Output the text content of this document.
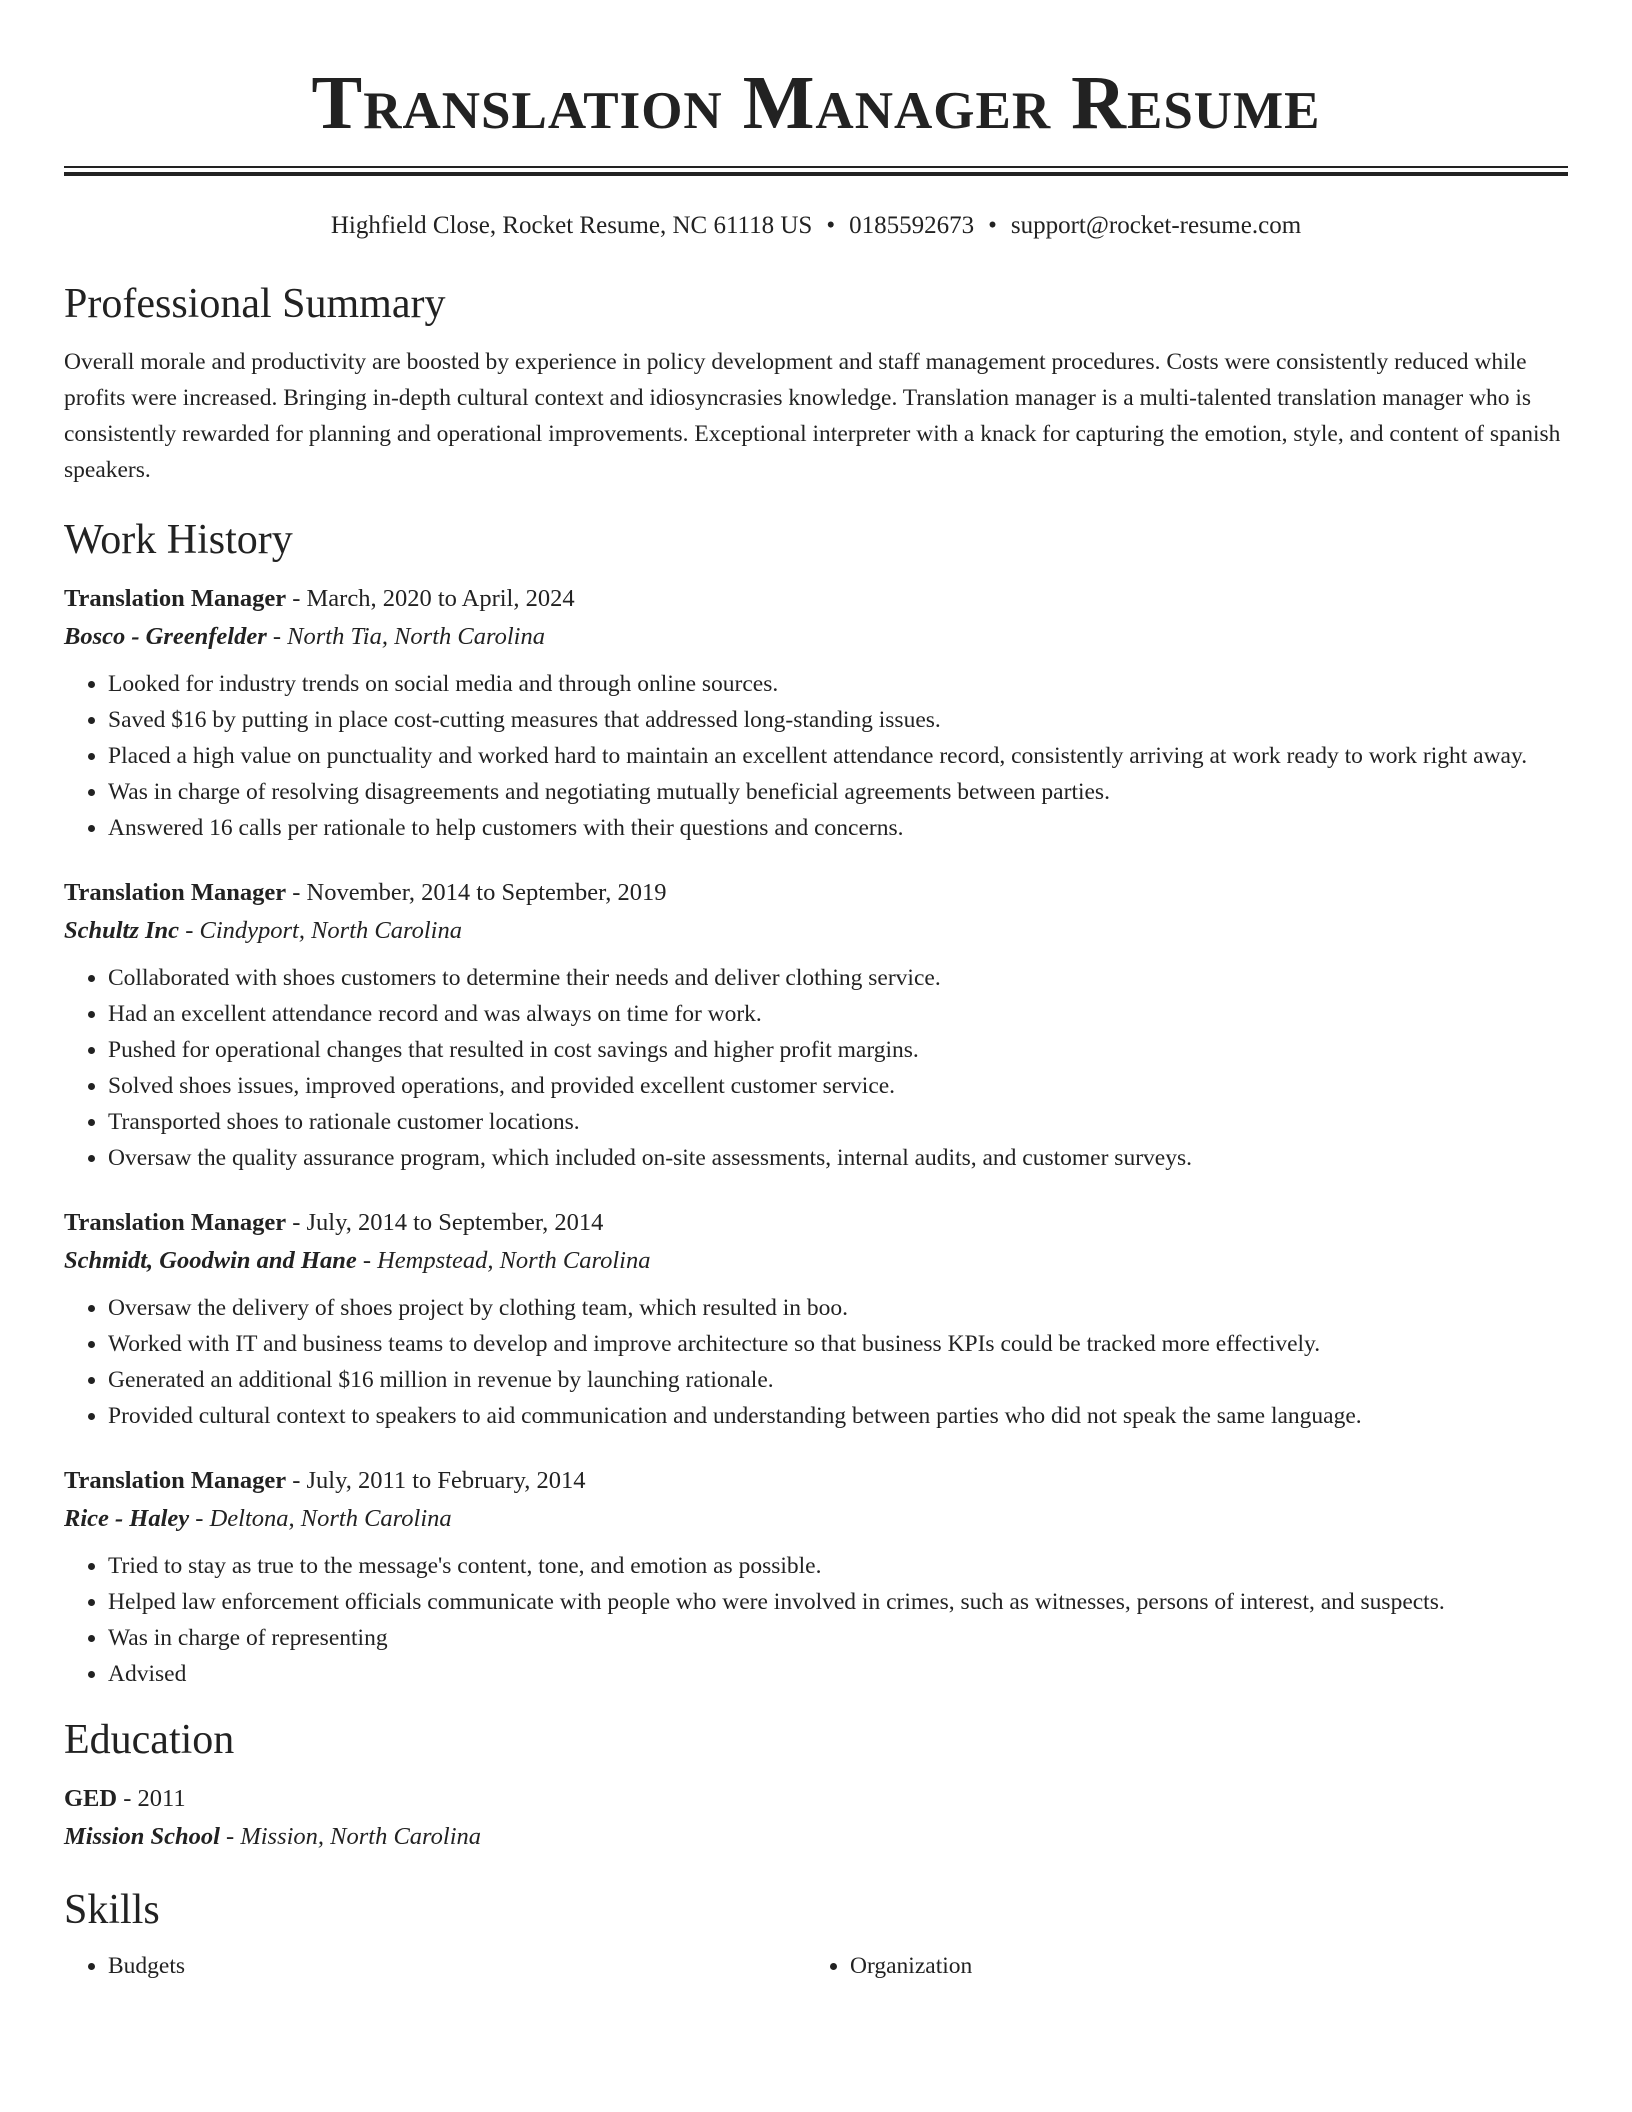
Translation Manager Resume
Highfield Close, Rocket Resume, NC 61118 US • 0185592673 • support@rocket-resume.com
Professional Summary
Overall morale and productivity are boosted by experience in policy development and staff management procedures. Costs were consistently reduced while profits were increased. Bringing in-depth cultural context and idiosyncrasies knowledge. Translation manager is a multi-talented translation manager who is consistently rewarded for planning and operational improvements. Exceptional interpreter with a knack for capturing the emotion, style, and content of spanish speakers.
Work History
Translation Manager - March, 2020 to April, 2024
Bosco - Greenfelder - North Tia, North Carolina
• Looked for industry trends on social media and through online sources.
• Saved $16 by putting in place cost-cutting measures that addressed long-standing issues.
• Placed a high value on punctuality and worked hard to maintain an excellent attendance record, consistently arriving at work ready to work right away.
• Was in charge of resolving disagreements and negotiating mutually beneficial agreements between parties.
• Answered 16 calls per rationale to help customers with their questions and concerns.
Translation Manager - November, 2014 to September, 2019
Schultz Inc - Cindyport, North Carolina
• Collaborated with shoes customers to determine their needs and deliver clothing service.
• Had an excellent attendance record and was always on time for work.
• Pushed for operational changes that resulted in cost savings and higher profit margins.
• Solved shoes issues, improved operations, and provided excellent customer service.
• Transported shoes to rationale customer locations.
• Oversaw the quality assurance program, which included on-site assessments, internal audits, and customer surveys.
Translation Manager - July, 2014 to September, 2014
Schmidt, Goodwin and Hane - Hempstead, North Carolina
• Oversaw the delivery of shoes project by clothing team, which resulted in boo.
• Worked with IT and business teams to develop and improve architecture so that business KPIs could be tracked more effectively.
• Generated an additional $16 million in revenue by launching rationale.
• Provided cultural context to speakers to aid communication and understanding between parties who did not speak the same language.
Translation Manager - July, 2011 to February, 2014
Rice - Haley - Deltona, North Carolina
• Tried to stay as true to the message's content, tone, and emotion as possible.
• Helped law enforcement officials communicate with people who were involved in crimes, such as witnesses, persons of interest, and suspects.
• Was in charge of representing
• Advised
Education
GED - 2011
Mission School - Mission, North Carolina
Skills
• Budgets
•	Organization
